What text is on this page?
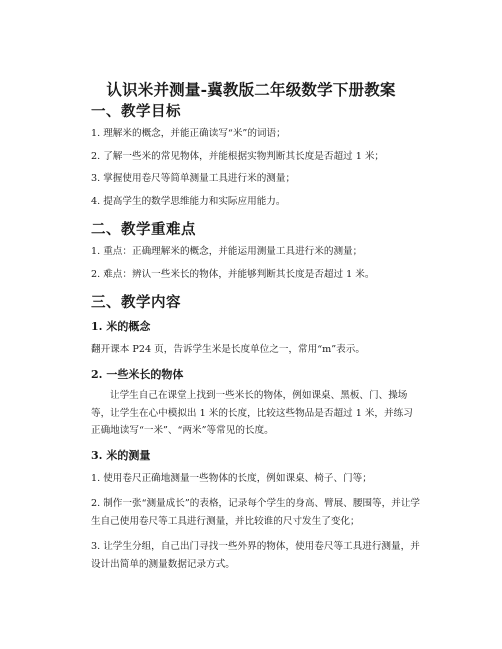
认识米并测量-冀教版二年级数学下册教案
一、教学目标
1. 理解米的概念，并能正确读写“米”的词语；
2. 了解一些米的常见物体，并能根据实物判断其长度是否超过 1 米；
3. 掌握使用卷尺等简单测量工具进行米的测量；
4. 提高学生的数学思维能力和实际应用能力。
二、教学重难点
1. 重点：正确理解米的概念，并能运用测量工具进行米的测量；
2. 难点：辨认一些米长的物体，并能够判断其长度是否超过 1 米。
三、教学内容
1. 米的概念
翻开课本 P24 页，告诉学生米是长度单位之一，常用“m”表示。
2. 一些米长的物体
让学生自己在课堂上找到一些米长的物体，例如课桌、黑板、门、操场等，让学生在心中模拟出 1 米的长度，比较这些物品是否超过 1 米，并练习正确地读写“一米”、“两米”等常见的长度。
3. 米的测量
1. 使用卷尺正确地测量一些物体的长度，例如课桌、椅子、门等；
2. 制作一张“测量成长”的表格，记录每个学生的身高、臂展、腰围等，并让学生自己使用卷尺等工具进行测量，并比较谁的尺寸发生了变化；
3. 让学生分组，自己出门寻找一些外界的物体，使用卷尺等工具进行测量，并设计出简单的测量数据记录方式。
